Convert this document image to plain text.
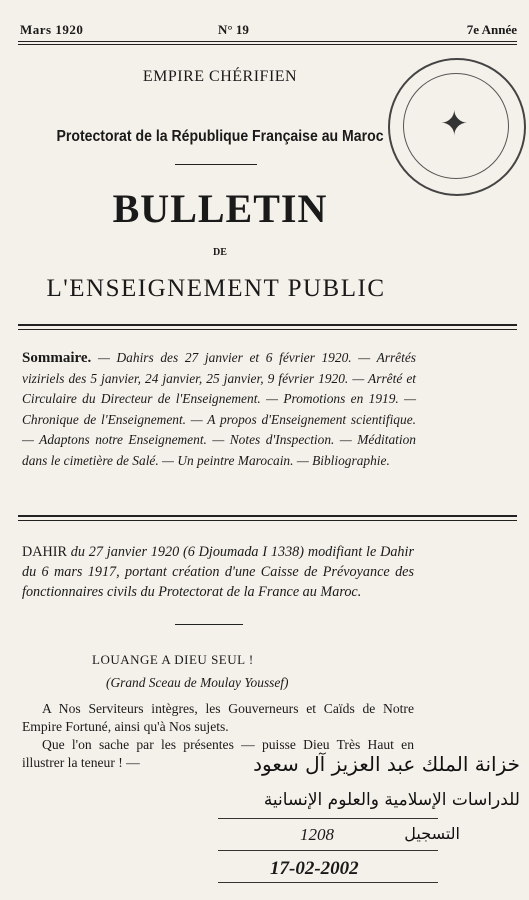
Mars 1920	N° 19	7e Année
EMPIRE CHÉRIFIEN
Protectorat de la République Française au Maroc
BULLETIN
DE
L'ENSEIGNEMENT PUBLIC
✦
Sommaire. — Dahirs des 27 janvier et 6 février 1920. — Arrêtés viziriels des 5 janvier, 24 janvier, 25 janvier, 9 février 1920. — Arrêté et Circulaire du Directeur de l'Enseignement. — Promotions en 1919. — Chronique de l'Enseignement. — A propos d'Enseignement scientifique. — Adaptons notre Enseignement. — Notes d'Inspection. — Méditation dans le cimetière de Salé. — Un peintre Marocain. — Bibliographie.
DAHIR du 27 janvier 1920 (6 Djoumada I 1338) modifiant le Dahir du 6 mars 1917, portant création d'une Caisse de Prévoyance des fonctionnaires civils du Protectorat de la France au Maroc.
LOUANGE A DIEU SEUL !
(Grand Sceau de Moulay Youssef)

A Nos Serviteurs intègres, les Gouverneurs et Caïds de Notre Empire Fortuné, ainsi qu'à Nos sujets.

Que l'on sache par les présentes — puisse Dieu Très Haut en illustrer la teneur ! —	خزانة الملك عبد العزيز آل سعود
للدراسات الإسلامية والعلوم الإنسانية
التسجيل
1208
17-02-2002
